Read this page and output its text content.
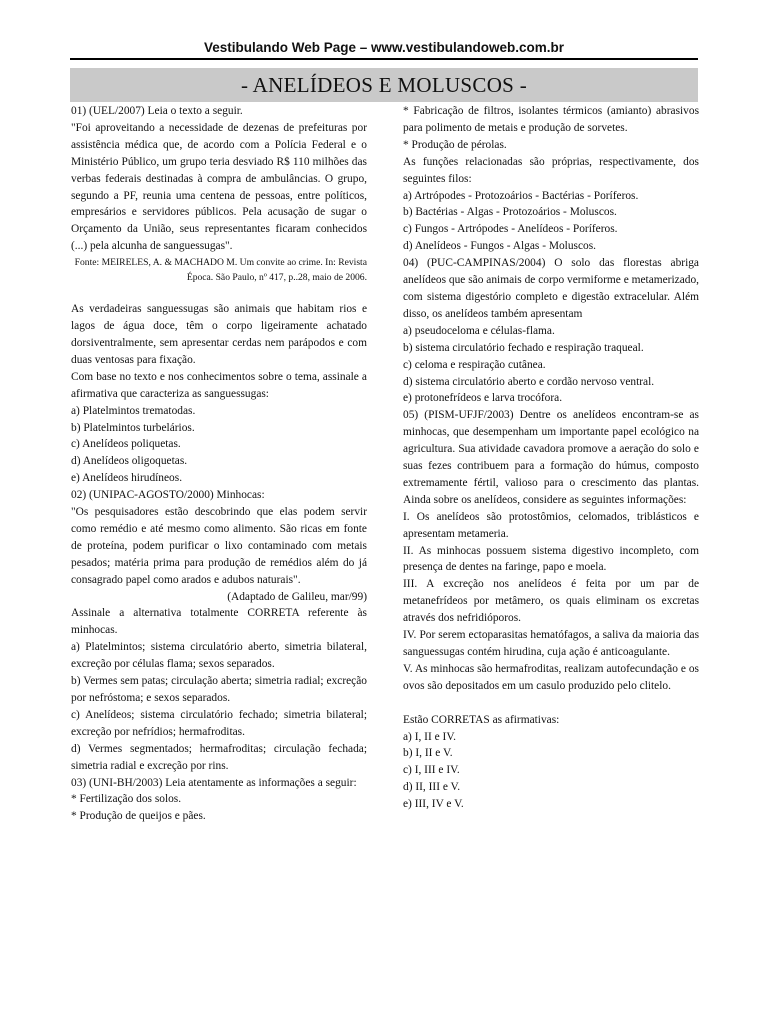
Vestibulando Web Page – www.vestibulandoweb.com.br
- ANELÍDEOS E MOLUSCOS -

01) (UEL/2007) Leia o texto a seguir.

"Foi aproveitando a necessidade de dezenas de prefeituras por assistência médica que, de acordo com a Polícia Federal e o Ministério Público, um grupo teria desviado R$ 110 milhões das verbas federais destinadas à compra de ambulâncias. O grupo, segundo a PF, reunia uma centena de pessoas, entre políticos, empresários e servidores públicos. Pela acusação de sugar o Orçamento da União, seus representantes ficaram conhecidos (...) pela alcunha de sanguessugas".

Fonte: MEIRELES, A. & MACHADO M. Um convite ao crime. In: Revista Época. São Paulo, nº 417, p..28, maio de 2006.

As verdadeiras sanguessugas são animais que habitam rios e lagos de água doce, têm o corpo ligeiramente achatado dorsiventralmente, sem apresentar cerdas nem parápodos e com duas ventosas para fixação.

Com base no texto e nos conhecimentos sobre o tema, assinale a afirmativa que caracteriza as sanguessugas:

a) Platelmintos trematodas.

b) Platelmintos turbelários.

c) Anelídeos poliquetas.

d) Anelídeos oligoquetas.

e) Anelídeos hirudíneos.

02) (UNIPAC-AGOSTO/2000) Minhocas:

"Os pesquisadores estão descobrindo que elas podem servir como remédio e até mesmo como alimento. São ricas em fonte de proteína, podem purificar o lixo contaminado com metais pesados; matéria prima para produção de remédios além do já consagrado papel como arados e adubos naturais".

(Adaptado de Galileu, mar/99)

Assinale a alternativa totalmente CORRETA referente às minhocas.

a) Platelmintos; sistema circulatório aberto, simetria bilateral, excreção por células flama; sexos separados.

b) Vermes sem patas; circulação aberta; simetria radial; excreção por nefróstoma; e sexos separados.

c) Anelídeos; sistema circulatório fechado; simetria bilateral; excreção por nefrídios; hermafroditas.

d) Vermes segmentados; hermafroditas; circulação fechada; simetria radial e excreção por rins.

03) (UNI-BH/2003) Leia atentamente as informações a seguir:

* Fertilização dos solos.

* Produção de queijos e pães.

* Fabricação de filtros, isolantes térmicos (amianto) abrasivos para polimento de metais e produção de sorvetes.

* Produção de pérolas.

As funções relacionadas são próprias, respectivamente, dos seguintes filos:

a) Artrópodes - Protozoários - Bactérias - Poríferos.

b) Bactérias - Algas - Protozoários - Moluscos.

c) Fungos - Artrópodes - Anelídeos - Poríferos.

d) Anelídeos - Fungos - Algas - Moluscos.

04) (PUC-CAMPINAS/2004) O solo das florestas abriga anelídeos que são animais de corpo vermiforme e metamerizado, com sistema digestório completo e digestão extracelular. Além disso, os anelídeos também apresentam

a) pseudoceloma e células-flama.

b) sistema circulatório fechado e respiração traqueal.

c) celoma e respiração cutânea.

d) sistema circulatório aberto e cordão nervoso ventral.

e) protonefrídeos e larva trocófora.

05) (PISM-UFJF/2003) Dentre os anelídeos encontram-se as minhocas, que desempenham um importante papel ecológico na agricultura. Sua atividade cavadora promove a aeração do solo e suas fezes contribuem para a formação do húmus, composto extremamente fértil, valioso para o crescimento das plantas. Ainda sobre os anelídeos, considere as seguintes informações:

I. Os anelídeos são protostômios, celomados, triblásticos e apresentam metameria.

II. As minhocas possuem sistema digestivo incompleto, com presença de dentes na faringe, papo e moela.

III. A excreção nos anelídeos é feita por um par de metanefrídeos por metâmero, os quais eliminam os excretas através dos nefridióporos.

IV. Por serem ectoparasitas hematófagos, a saliva da maioria das sanguessugas contém hirudina, cuja ação é anticoagulante.

V. As minhocas são hermafroditas, realizam autofecundação e os ovos são depositados em um casulo produzido pelo clitelo.

Estão CORRETAS as afirmativas:

a) I, II e IV.

b) I, II e V.

c) I, III e IV.

d) II, III e V.

e) III, IV e V.
